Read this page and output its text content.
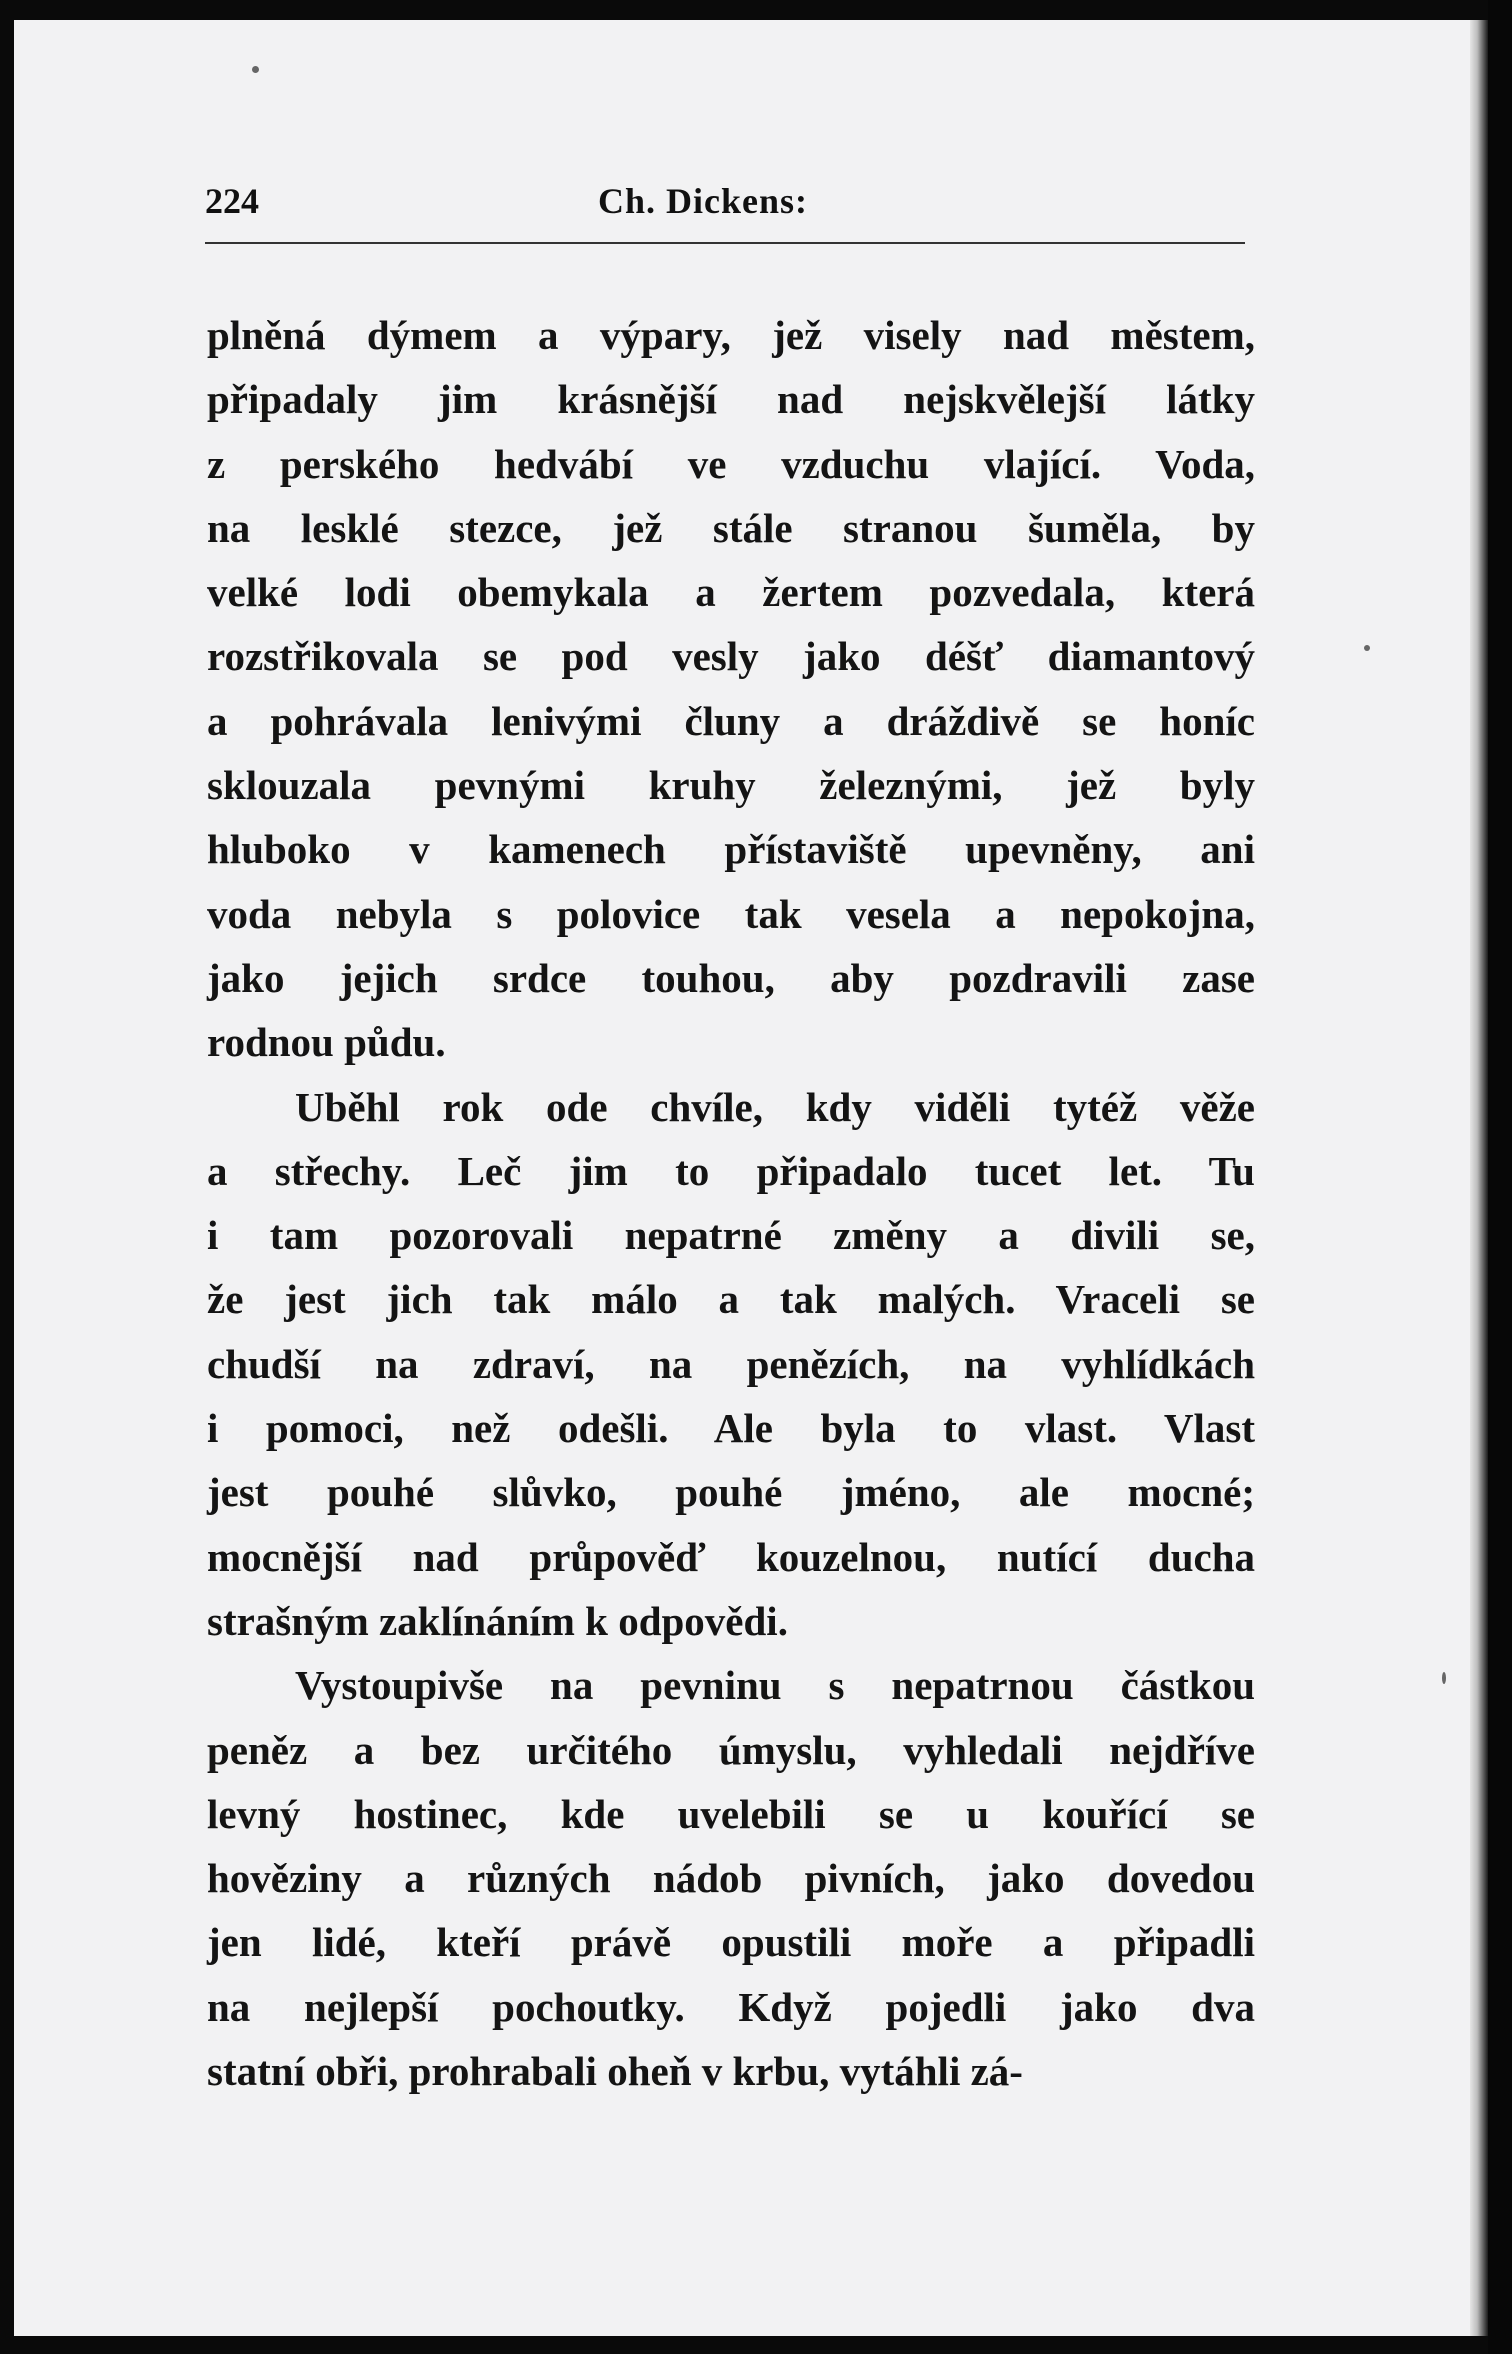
224	Ch. Dickens:
plněná dýmem a výpary, jež visely nad městem,
připadaly jim krásnější nad nejskvělejší látky
z perského hedvábí ve vzduchu vlající. Voda,
na lesklé stezce, jež stále stranou šuměla, by
velké lodi obemykala a žertem pozvedala, která
rozstřikovala se pod vesly jako déšť diamantový
a pohrávala lenivými čluny a dráždivě se honíc
sklouzala pevnými kruhy železnými, jež byly
hluboko v kamenech přístaviště upevněny, ani
voda nebyla s polovice tak vesela a nepokojna,
jako jejich srdce touhou, aby pozdravili zase
rodnou půdu.
Uběhl rok ode chvíle, kdy viděli tytéž věže
a střechy. Leč jim to připadalo tucet let. Tu
i tam pozorovali nepatrné změny a divili se,
že jest jich tak málo a tak malých. Vraceli se
chudší na zdraví, na penězích, na vyhlídkách
i pomoci, než odešli. Ale byla to vlast. Vlast
jest pouhé slůvko, pouhé jméno, ale mocné;
mocnější nad průpověď kouzelnou, nutící ducha
strašným zaklínáním k odpovědi.
Vystoupivše na pevninu s nepatrnou částkou
peněz a bez určitého úmyslu, vyhledali nejdříve
levný hostinec, kde uvelebili se u kouřící se
hověziny a různých nádob pivních, jako dovedou
jen lidé, kteří právě opustili moře a připadli
na nejlepší pochoutky. Když pojedli jako dva
statní obři, prohrabali oheň v krbu, vytáhli zá-
